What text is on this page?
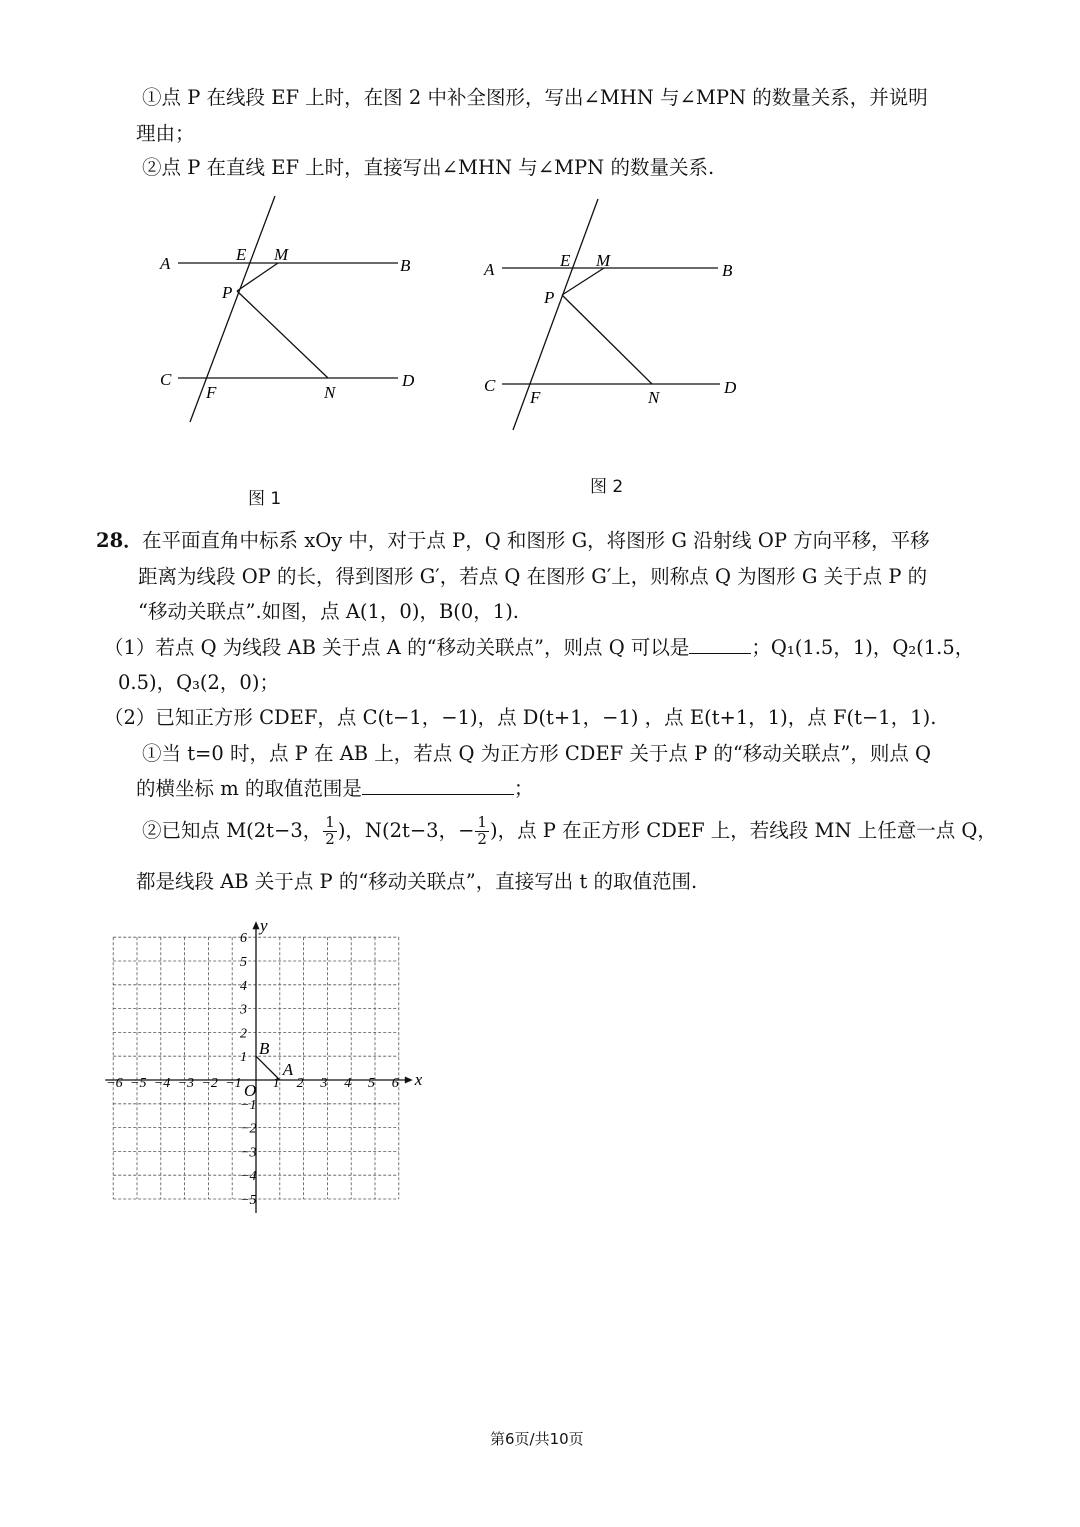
①点 P 在线段 EF 上时，在图 2 中补全图形，写出∠MHN 与∠MPN 的数量关系，并说明
理由；
②点 P 在直线 EF 上时，直接写出∠MHN 与∠MPN 的数量关系.
A	B
C	D
E M
P
F	N
图 1
A	B
C	D
E M
P
F	N
图 2
28． 在平面直角中标系 xOy 中，对于点 P，Q 和图形 G，将图形 G 沿射线 OP 方向平移，平移
距离为线段 OP 的长，得到图形 G′，若点 Q 在图形 G′上，则称点 Q 为图形 G 关于点 P 的
“移动关联点”.如图，点 A(1，0)，B(0，1).
（1）若点 Q 为线段 AB 关于点 A 的“移动关联点”，则点 Q 可以是	；Q₁(1.5，1)，Q₂(1.5，
0.5)，Q₃(2，0)；
（2）已知正方形 CDEF，点 C(t−1，−1)，点 D(t+1，−1) ，点 E(t+1，1)，点 F(t−1，1).
①当 t=0 时，点 P 在 AB 上，若点 Q 为正方形 CDEF 关于点 P 的“移动关联点”，则点 Q
的横坐标 m 的取值范围是	；
②已知点 M(2t−3， $\frac{1}{2}$ )，N(2t−3，− $\frac{1}{2}$ )，点 P 在正方形 CDEF 上，若线段 MN 上任意一点 Q，
都是线段 AB 关于点 P 的“移动关联点”，直接写出 t 的取值范围.
−6 −5 −4 −3 −2 −1 1 2 3 4 5 6
6
5
4
3
2
1
−1
−2
−3
−4
−5
x
y
O
A
B
第6页/共10页
